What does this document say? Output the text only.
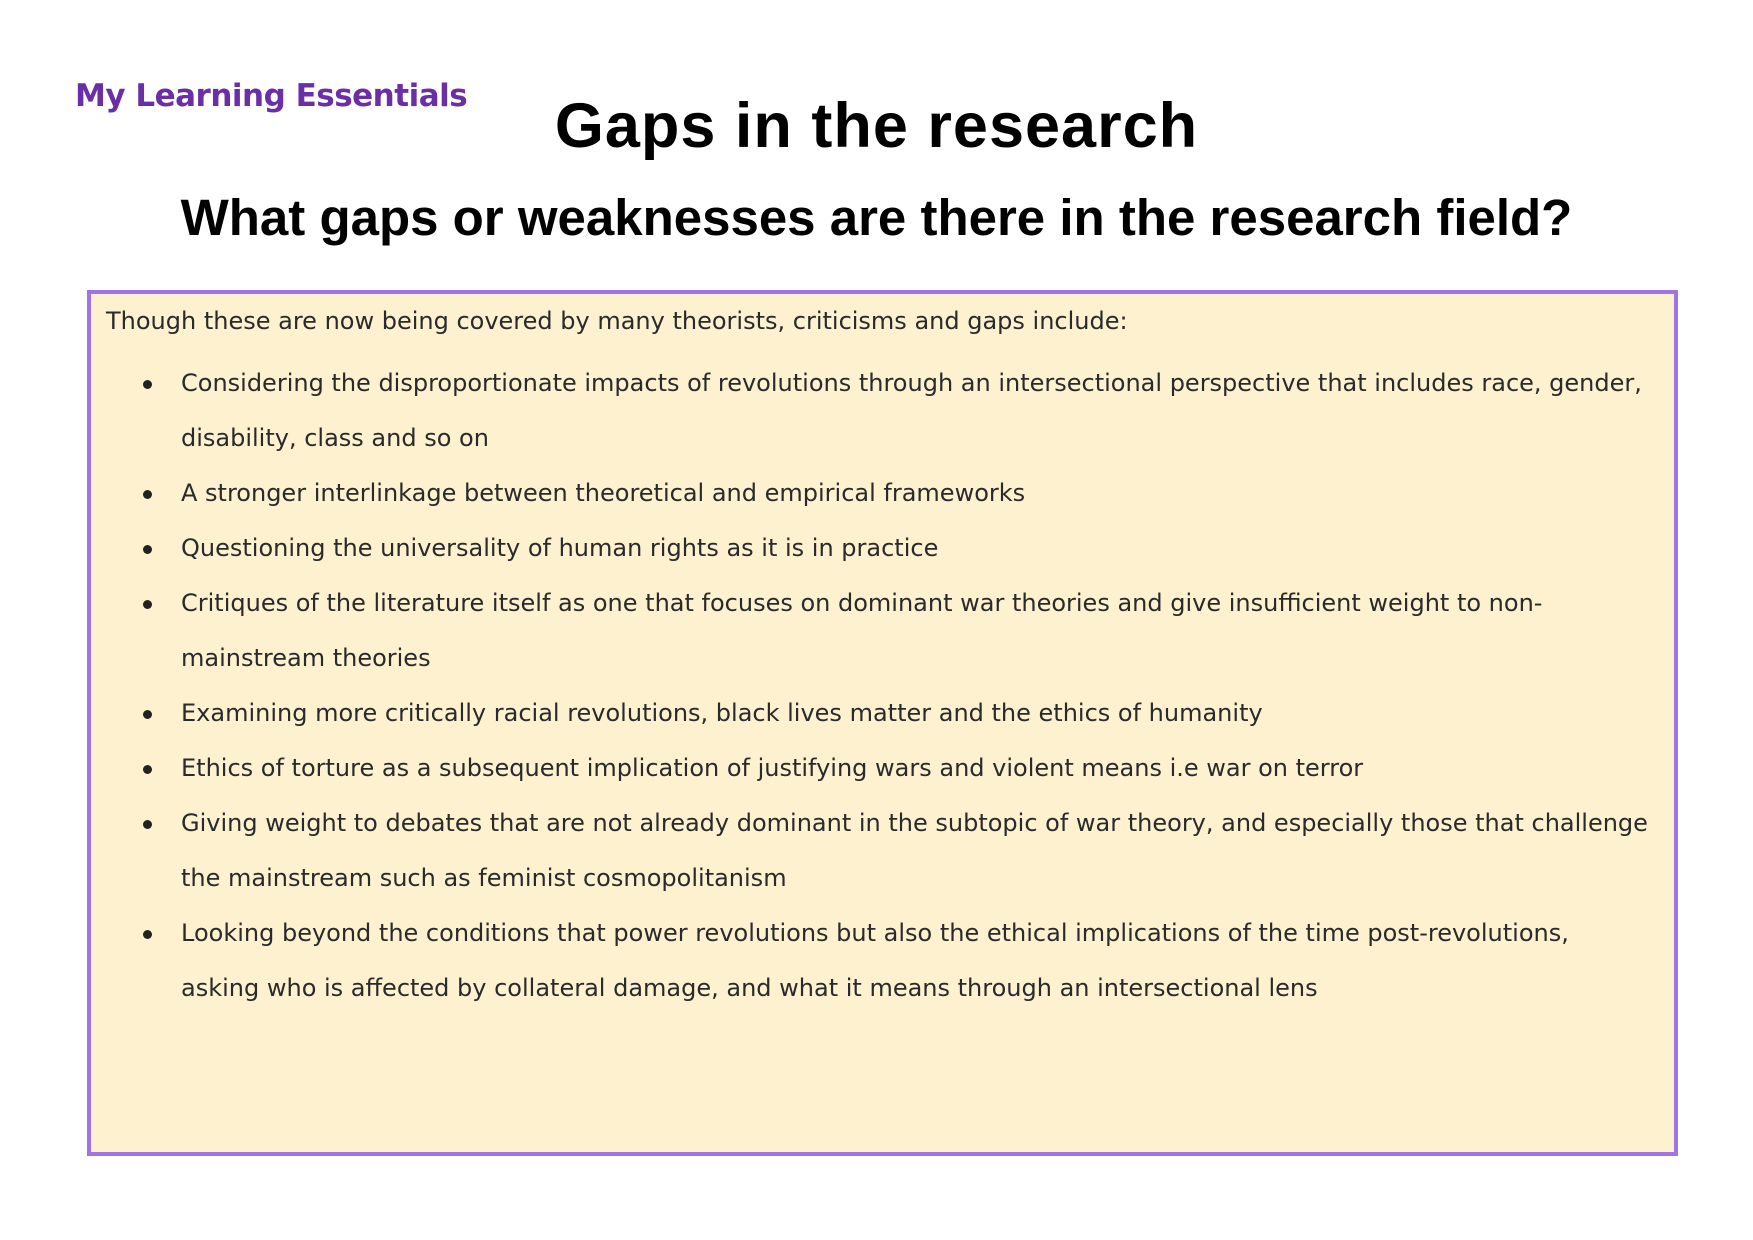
My Learning Essentials	Gaps in the research
What gaps or weaknesses are there in the research field?

Though these are now being covered by many theorists, criticisms and gaps include:

Considering the disproportionate impacts of revolutions through an intersectional perspective that includes race, gender, disability, class and so on
A stronger interlinkage between theoretical and empirical frameworks
Questioning the universality of human rights as it is in practice
Critiques of the literature itself as one that focuses on dominant war theories and give insufficient weight to non-mainstream theories
Examining more critically racial revolutions, black lives matter and the ethics of humanity
Ethics of torture as a subsequent implication of justifying wars and violent means i.e war on terror
Giving weight to debates that are not already dominant in the subtopic of war theory, and especially those that challenge the mainstream such as feminist cosmopolitanism
Looking beyond the conditions that power revolutions but also the ethical implications of the time post-revolutions, asking who is affected by collateral damage, and what it means through an intersectional lens
